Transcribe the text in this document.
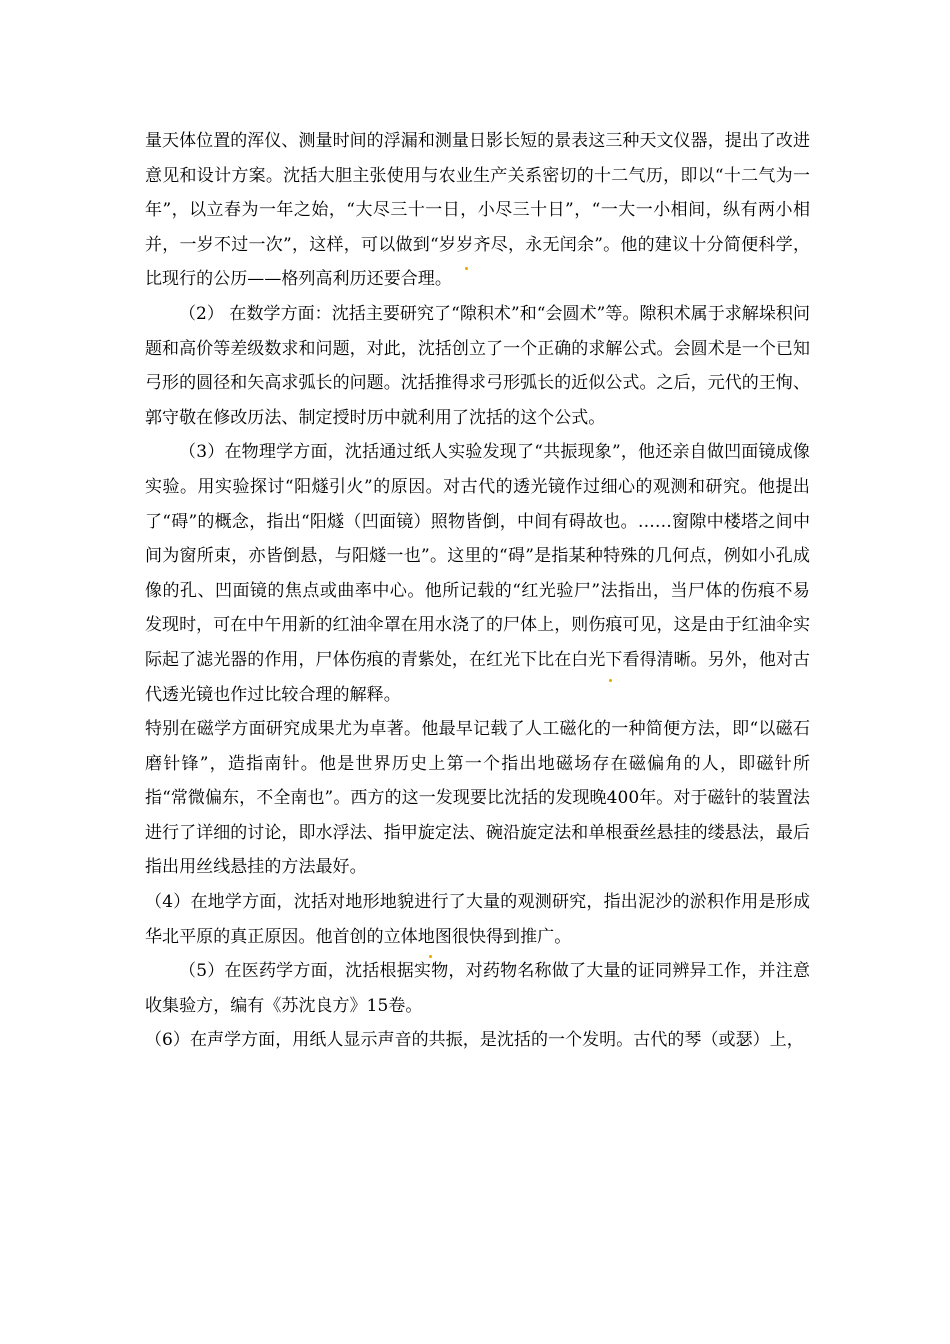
量天体位置的浑仪、测量时间的浮漏和测量日影长短的景表这三种天文仪器，提出了改进意见和设计方案。沈括大胆主张使用与农业生产关系密切的十二气历，即以“十二气为一年”，以立春为一年之始，“大尽三十一日，小尽三十日”，“一大一小相间，纵有两小相并，一岁不过一次”，这样，可以做到“岁岁齐尽，永无闰余”。他的建议十分简便科学，比现行的公历——格列高利历还要合理。

（2） 在数学方面：沈括主要研究了“隙积术”和“会圆术”等。隙积术属于求解垛积问题和高价等差级数求和问题，对此，沈括创立了一个正确的求解公式。会圆术是一个已知弓形的圆径和矢高求弧长的问题。沈括推得求弓形弧长的近似公式。之后，元代的王恂、郭守敬在修改历法、制定授时历中就利用了沈括的这个公式。

（3）在物理学方面，沈括通过纸人实验发现了“共振现象”，他还亲自做凹面镜成像实验。用实验探讨“阳燧引火”的原因。对古代的透光镜作过细心的观测和研究。他提出了“碍”的概念，指出“阳燧（凹面镜）照物皆倒，中间有碍故也。……窗隙中楼塔之间中间为窗所束，亦皆倒悬，与阳燧一也”。这里的“碍”是指某种特殊的几何点，例如小孔成像的孔、凹面镜的焦点或曲率中心。他所记载的“红光验尸”法指出，当尸体的伤痕不易发现时，可在中午用新的红油伞罩在用水浇了的尸体上，则伤痕可见，这是由于红油伞实际起了滤光器的作用，尸体伤痕的青紫处，在红光下比在白光下看得清晰。另外，他对古代透光镜也作过比较合理的解释。

特别在磁学方面研究成果尤为卓著。他最早记载了人工磁化的一种简便方法，即“以磁石磨针锋”，造指南针。他是世界历史上第一个指出地磁场存在磁偏角的人，即磁针所指“常微偏东，不全南也”。西方的这一发现要比沈括的发现晚400年。对于磁针的装置法进行了详细的讨论，即水浮法、指甲旋定法、碗沿旋定法和单根蚕丝悬挂的缕悬法，最后指出用丝线悬挂的方法最好。

（4）在地学方面，沈括对地形地貌进行了大量的观测研究，指出泥沙的淤积作用是形成华北平原的真正原因。他首创的立体地图很快得到推广。

（5）在医药学方面，沈括根据实物，对药物名称做了大量的证同辨异工作，并注意收集验方，编有《苏沈良方》15卷。

（6）在声学方面，用纸人显示声音的共振，是沈括的一个发明。古代的琴（或瑟）上，
